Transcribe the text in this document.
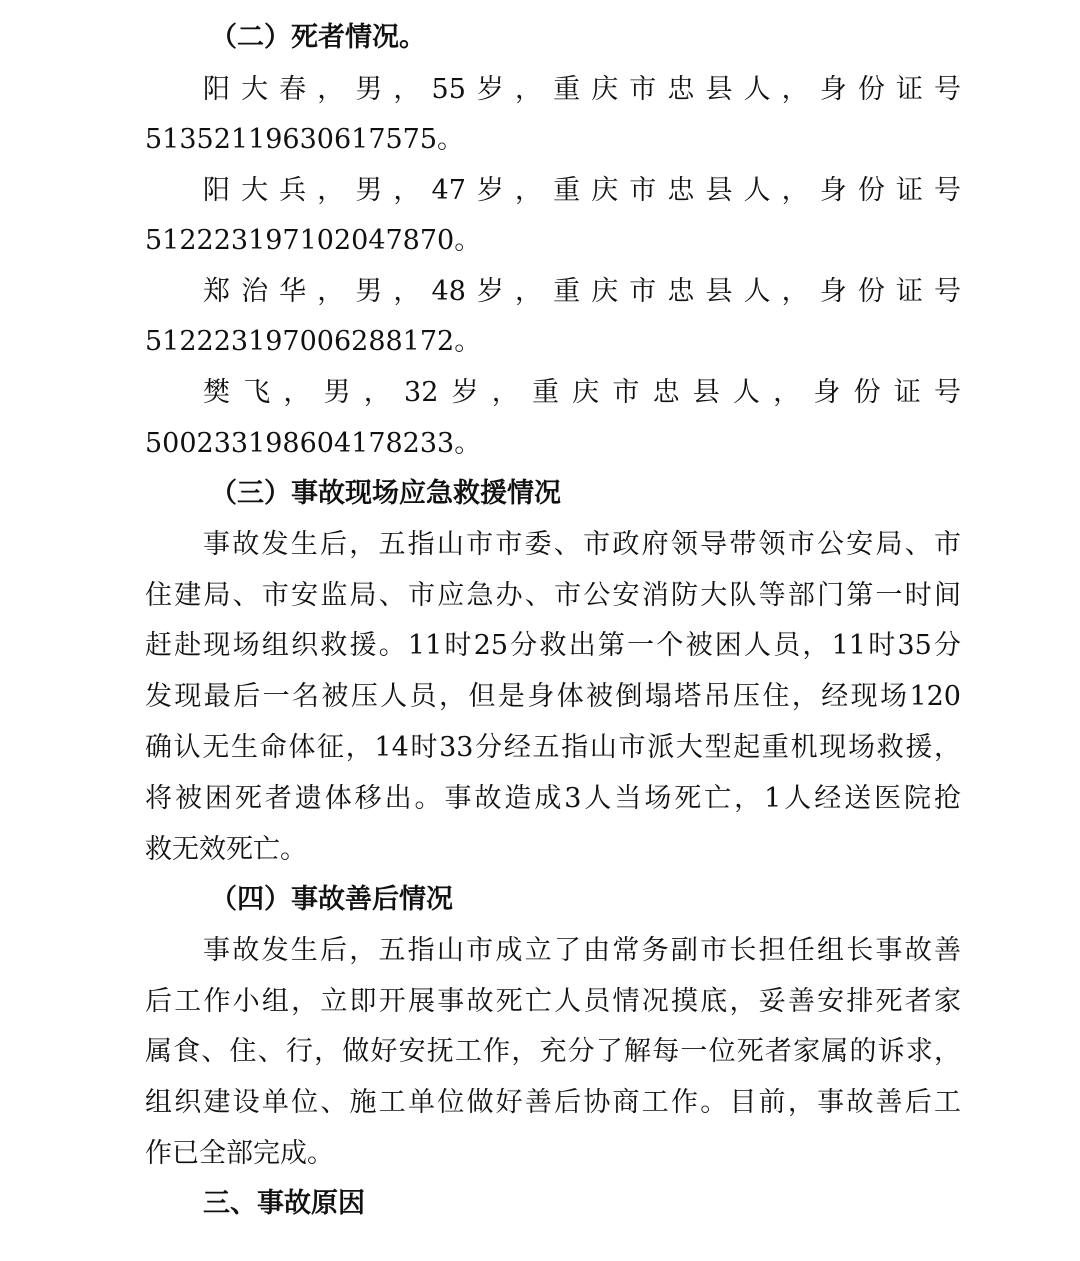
（二）死者情况。
阳大春，男，55岁，重庆市忠县人，身份证号
51352119630617575。
阳大兵，男，47岁，重庆市忠县人，身份证号
512223197102047870。
郑治华，男，48岁，重庆市忠县人，身份证号
512223197006288172。
樊飞，男，32岁，重庆市忠县人，身份证号
500233198604178233。
（三）事故现场应急救援情况
事故发生后，五指山市市委、市政府领导带领市公安局、市
住建局、市安监局、市应急办、市公安消防大队等部门第一时间
赶赴现场组织救援。11时25分救出第一个被困人员，11时35分
发现最后一名被压人员，但是身体被倒塌塔吊压住，经现场120
确认无生命体征，14时33分经五指山市派大型起重机现场救援，
将被困死者遗体移出。事故造成3人当场死亡，1人经送医院抢
救无效死亡。
（四）事故善后情况
事故发生后，五指山市成立了由常务副市长担任组长事故善
后工作小组，立即开展事故死亡人员情况摸底，妥善安排死者家
属食、住、行，做好安抚工作，充分了解每一位死者家属的诉求，
组织建设单位、施工单位做好善后协商工作。目前，事故善后工
作已全部完成。
三、事故原因
